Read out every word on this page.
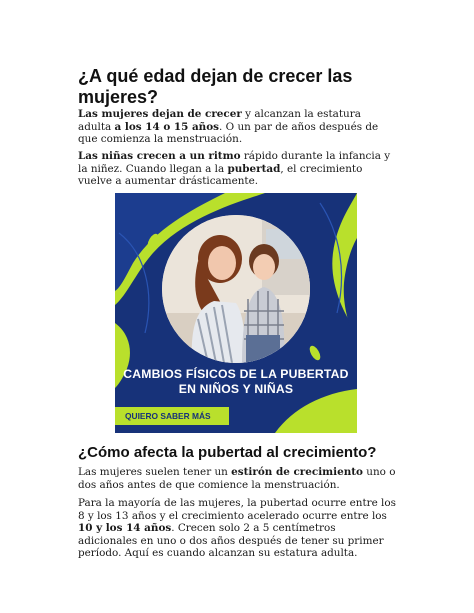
¿A qué edad dejan de crecer las mujeres?

Las mujeres dejan de crecer y alcanzan la estatura adulta a los 14 o 15 años. O un par de años después de que comienza la menstruación.

Las niñas crecen a un ritmo rápido durante la infancia y la niñez. Cuando llegan a la pubertad, el crecimiento vuelve a aumentar drásticamente.

CAMBIOS FÍSICOS DE LA PUBERTAD EN NIÑOS Y NIÑAS

QUIERO SABER MÁS
¿Cómo afecta la pubertad al crecimiento?

Las mujeres suelen tener un estirón de crecimiento uno o dos años antes de que comience la menstruación.

Para la mayoría de las mujeres, la pubertad ocurre entre los 8 y los 13 años y el crecimiento acelerado ocurre entre los 10 y los 14 años. Crecen solo 2 a 5 centímetros adicionales en uno o dos años después de tener su primer período. Aquí es cuando alcanzan su estatura adulta.
